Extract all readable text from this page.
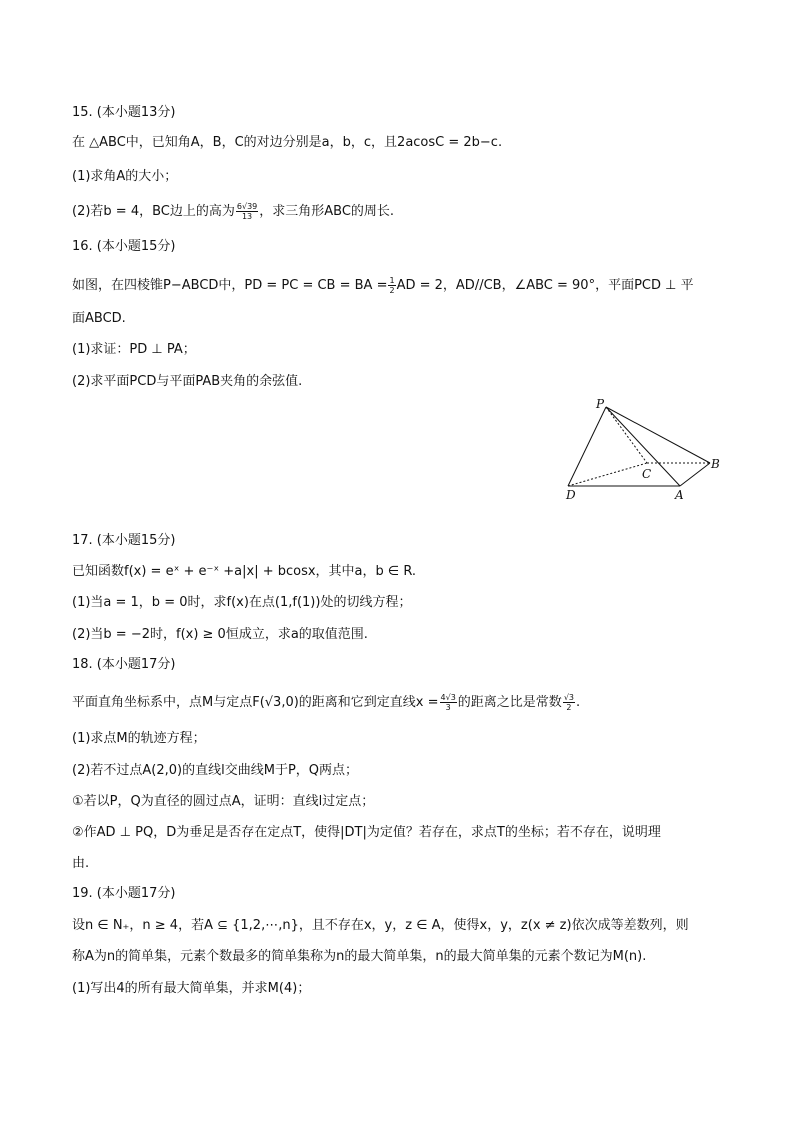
15. (本小题13分)
在 △ABC中，已知角A，B，C的对边分别是a，b，c，且2acosC = 2b−c.
(1)求角A的大小；
(2)若b = 4，BC边上的高为 $\frac{6√39}{13}$ ，求三角形ABC的周长.
16. (本小题15分)
如图，在四棱锥P−ABCD中，PD = PC = CB = BA = $\frac{1}{2}$ AD = 2，AD//CB，∠ABC = 90°，平面PCD ⊥ 平
面ABCD.
(1)求证：PD ⊥ PA；
(2)求平面PCD与平面PAB夹角的余弦值.
P
B
C
D	A
17. (本小题15分)
已知函数f(x) = eˣ + e⁻ˣ +a|x| + bcosx，其中a，b ∈ R.
(1)当a = 1，b = 0时，求f(x)在点(1,f(1))处的切线方程；
(2)当b = −2时，f(x) ≥ 0恒成立，求a的取值范围.
18. (本小题17分)
平面直角坐标系中，点M与定点F(√3,0)的距离和它到定直线$x = \frac{4√3}{3}$ 的距离之比是常数 $\frac{√3}{2}$ .
(1)求点M的轨迹方程；
(2)若不过点A(2,0)的直线l交曲线M于P，Q两点；
①若以P，Q为直径的圆过点A，证明：直线l过定点；
②作AD ⊥ PQ，D为垂足是否存在定点T，使得|DT|为定值？若存在，求点T的坐标；若不存在，说明理
由.
19. (本小题17分)
设n ∈ N₊，n ≥ 4，若A ⊆ {1,2,⋯,n}，且不存在x，y，z ∈ A，使得x，y，z(x ≠ z)依次成等差数列，则
称A为n的简单集，元素个数最多的简单集称为n的最大简单集，n的最大简单集的元素个数记为M(n).
(1)写出4的所有最大简单集，并求M(4)；
